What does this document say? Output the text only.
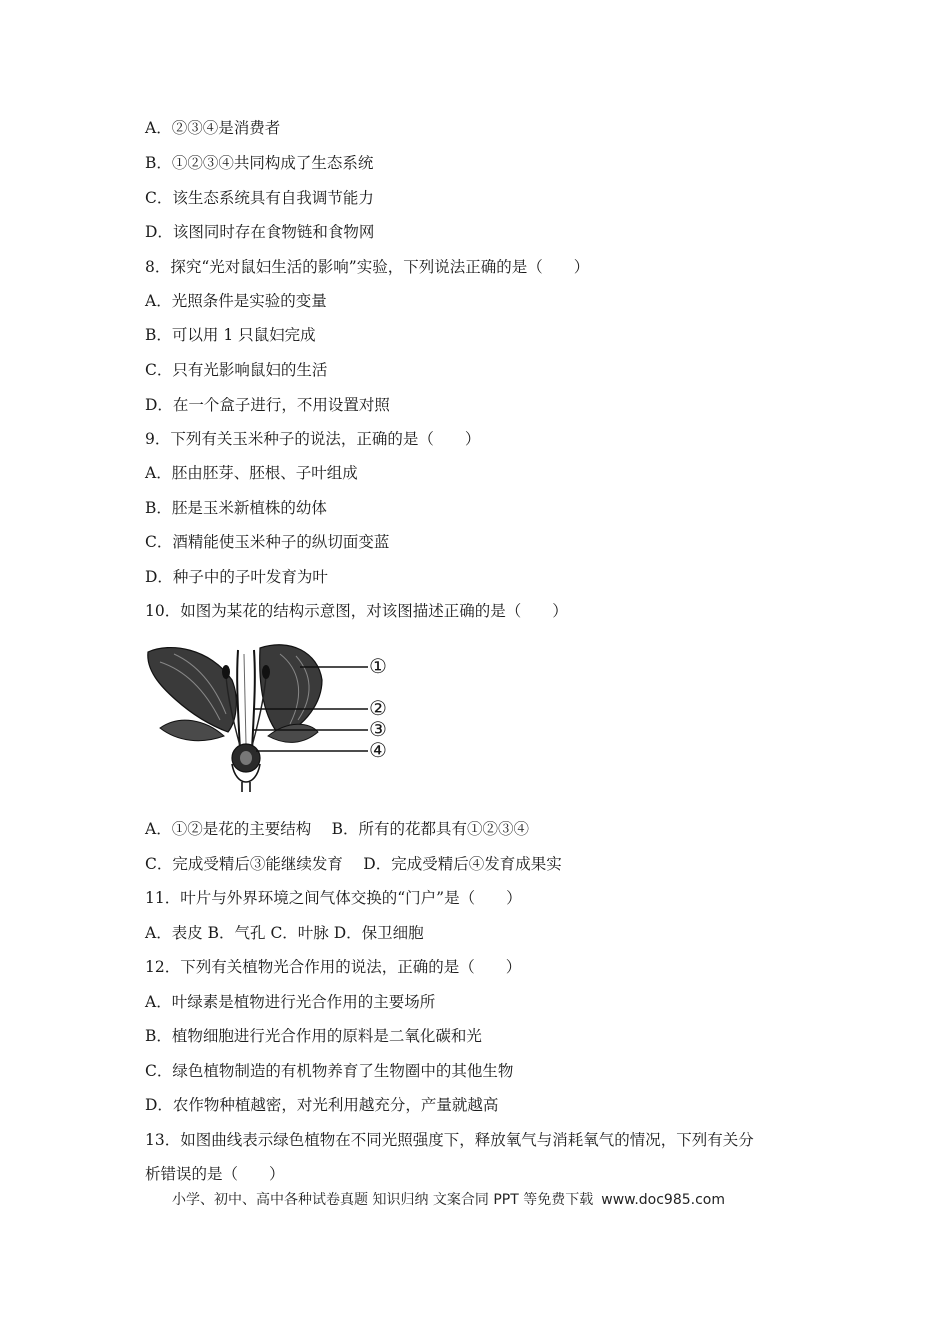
A．②③④是消费者
B．①②③④共同构成了生态系统
C．该生态系统具有自我调节能力
D．该图同时存在食物链和食物网
8．探究“光对鼠妇生活的影响”实验，下列说法正确的是（　　）
A．光照条件是实验的变量
B．可以用 1 只鼠妇完成
C．只有光影响鼠妇的生活
D．在一个盒子进行，不用设置对照
9．下列有关玉米种子的说法，正确的是（　　）
A．胚由胚芽、胚根、子叶组成
B．胚是玉米新植株的幼体
C．酒精能使玉米种子的纵切面变蓝
D．种子中的子叶发育为叶
10．如图为某花的结构示意图，对该图描述正确的是（　　）
①
②
③
④
A．①②是花的主要结构　 B．所有的花都具有①②③④
C．完成受精后③能继续发育　 D．完成受精后④发育成果实
11．叶片与外界环境之间气体交换的“门户”是（　　）
A．表皮 B．气孔 C．叶脉 D．保卫细胞
12．下列有关植物光合作用的说法，正确的是（　　）
A．叶绿素是植物进行光合作用的主要场所
B．植物细胞进行光合作用的原料是二氧化碳和光
C．绿色植物制造的有机物养育了生物圈中的其他生物
D．农作物种植越密，对光利用越充分，产量就越高
13．如图曲线表示绿色植物在不同光照强度下，释放氧气与消耗氧气的情况，下列有关分
析错误的是（　　）
小学、初中、高中各种试卷真题 知识归纳 文案合同 PPT 等免费下载 www.doc985.com
